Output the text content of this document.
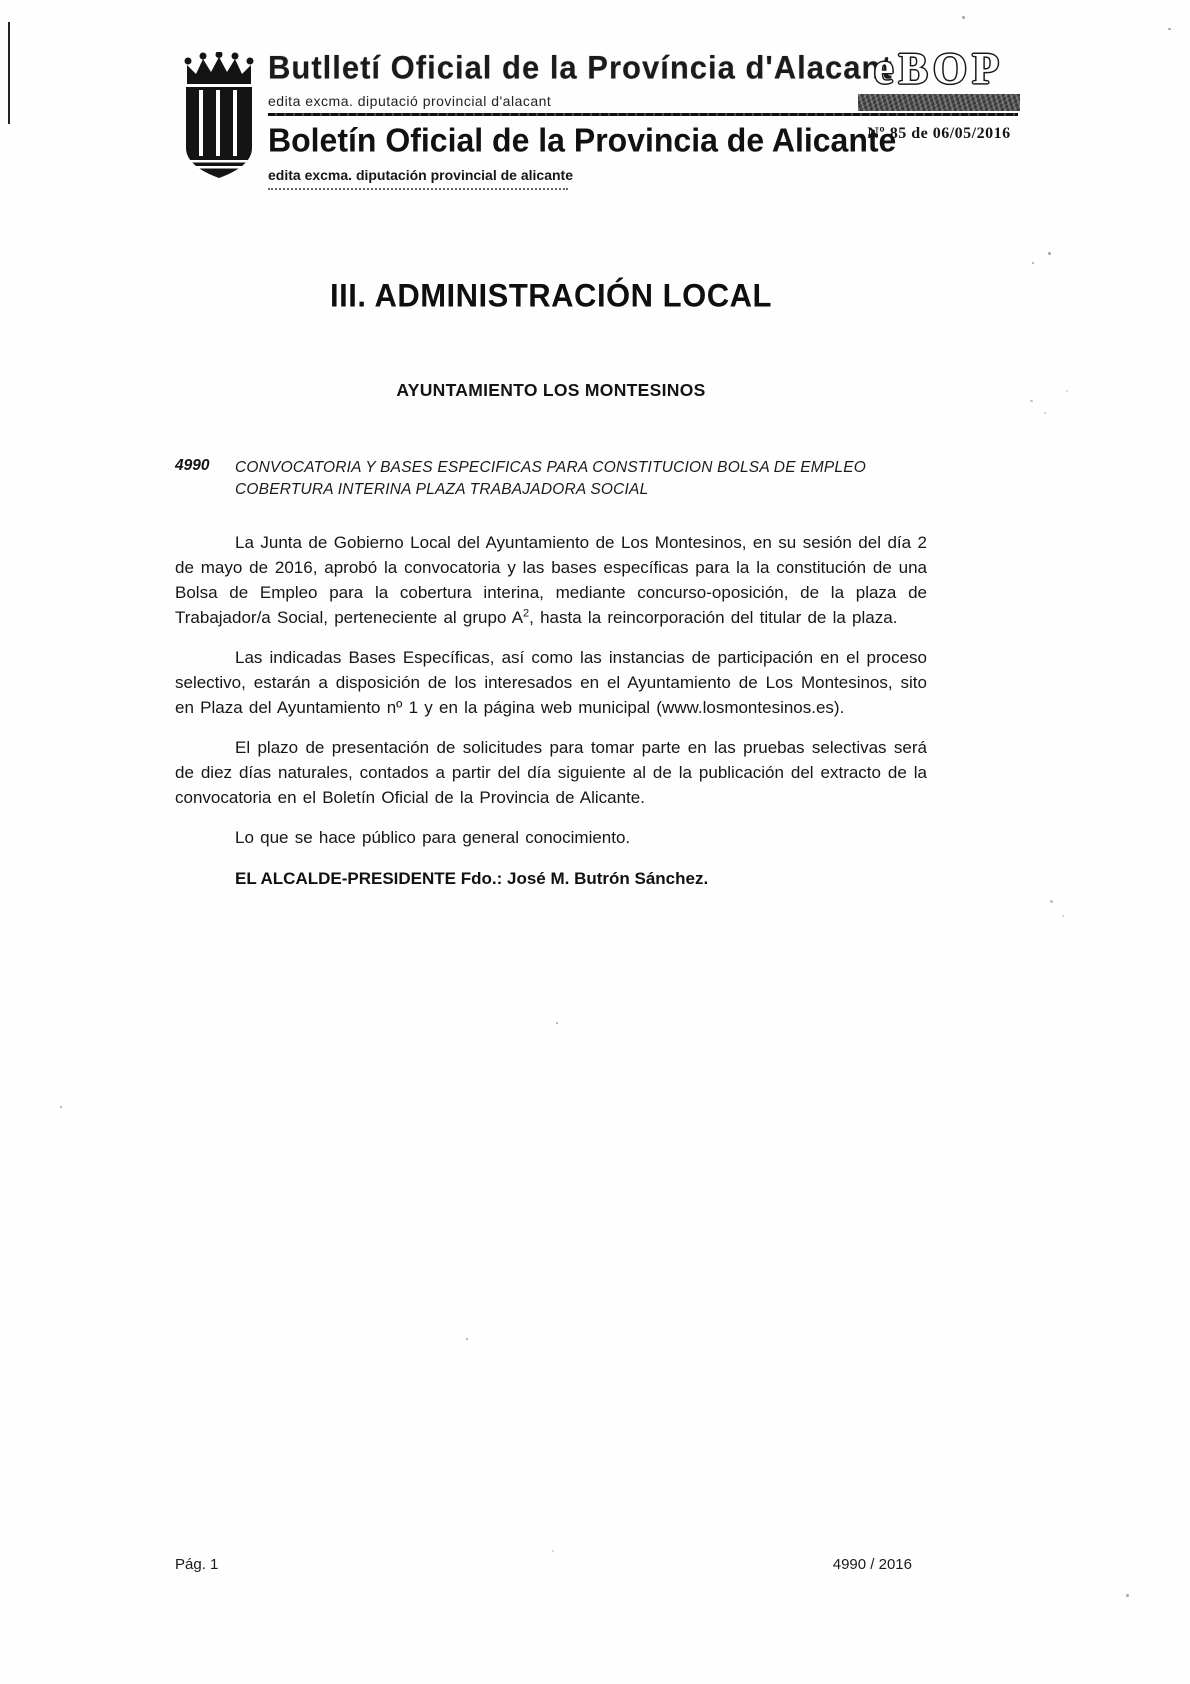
Butlletí Oficial de la Província d'Alacant
edita excma. diputació provincial d'alacant
Boletín Oficial de la Provincia de Alicante
edita excma. diputación provincial de alicante
eBOP
Nº 85 de 06/05/2016
III. ADMINISTRACIÓN LOCAL
AYUNTAMIENTO LOS MONTESINOS
4990	CONVOCATORIA Y BASES ESPECIFICAS PARA CONSTITUCION BOLSA DE EMPLEO COBERTURA INTERINA PLAZA TRABAJADORA SOCIAL

La Junta de Gobierno Local del Ayuntamiento de Los Montesinos, en su sesión del día 2 de mayo de 2016, aprobó la convocatoria y las bases específicas para la la constitución de una Bolsa de Empleo para la cobertura interina, mediante concurso-oposición, de la plaza de Trabajador/a Social, perteneciente al grupo $A^2$, hasta la reincorporación del titular de la plaza.

Las indicadas Bases Específicas, así como las instancias de participación en el proceso selectivo, estarán a disposición de los interesados en el Ayuntamiento de Los Montesinos, sito en Plaza del Ayuntamiento nº 1 y en la página web municipal (www.losmontesinos.es).

El plazo de presentación de solicitudes para tomar parte en las pruebas selectivas será de diez días naturales, contados a partir del día siguiente al de la publicación del extracto de la convocatoria en el Boletín Oficial de la Provincia de Alicante.

Lo que se hace público para general conocimiento.

EL ALCALDE-PRESIDENTE Fdo.: José M. Butrón Sánchez.

Pág. 1	4990 / 2016
